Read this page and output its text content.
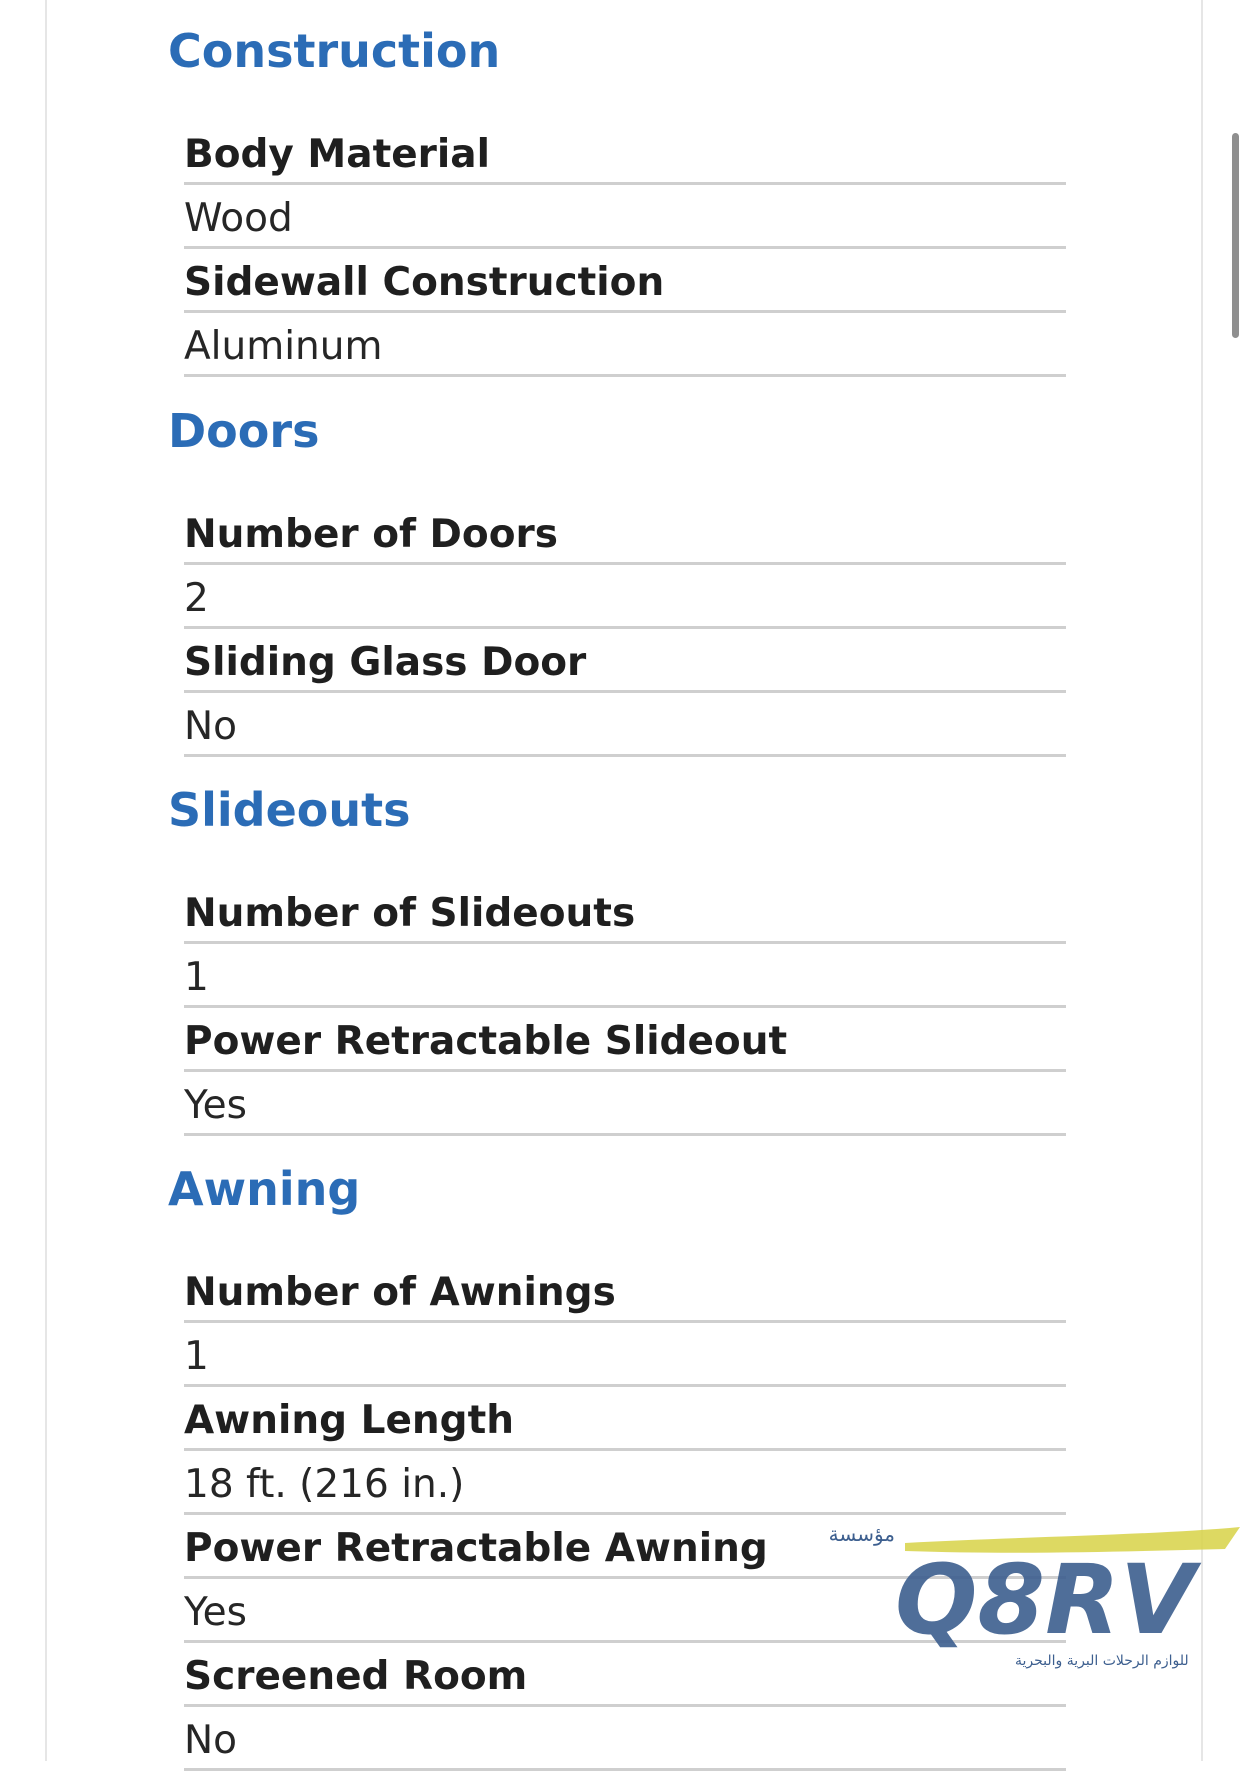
Construction
Body Material
Wood
Sidewall Construction
Aluminum
Doors
Number of Doors
2
Sliding Glass Door
No
Slideouts
Number of Slideouts
1
Power Retractable Slideout
Yes
Awning
Number of Awnings
1
Awning Length
18 ft. (216 in.)
Power Retractable Awning
Yes
Screened Room
No
مؤسسة
Q8RV
للوازم الرحلات البرية والبحرية
